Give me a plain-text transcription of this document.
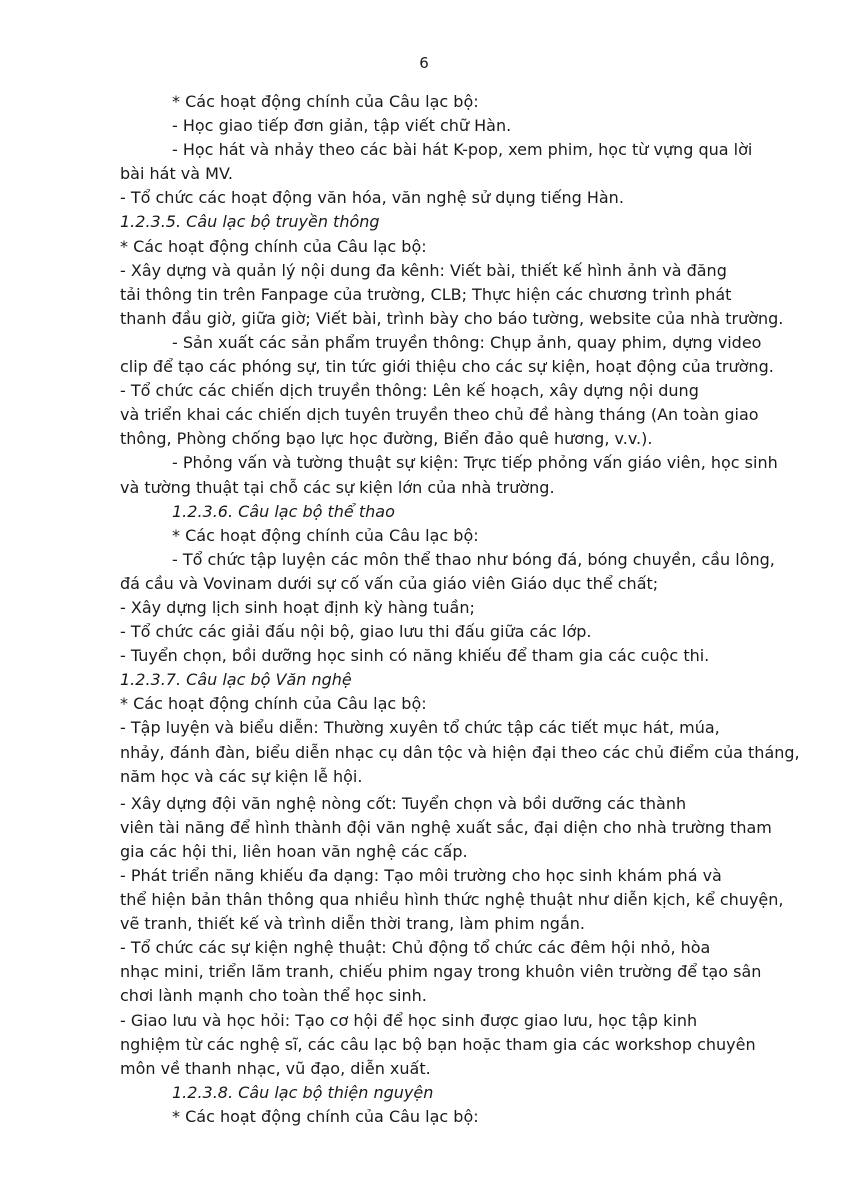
6

* Các hoạt động chính của Câu lạc bộ:

- Học giao tiếp đơn giản, tập viết chữ Hàn.

- Học hát và nhảy theo các bài hát K-pop, xem phim, học từ vựng qua lời

bài hát và MV.

- Tổ chức các hoạt động văn hóa, văn nghệ sử dụng tiếng Hàn.

1.2.3.5. Câu lạc bộ truyền thông

* Các hoạt động chính của Câu lạc bộ:

- Xây dựng và quản lý nội dung đa kênh: Viết bài, thiết kế hình ảnh và đăng

tải thông tin trên Fanpage của trường, CLB; Thực hiện các chương trình phát

thanh đầu giờ, giữa giờ; Viết bài, trình bày cho báo tường, website của nhà trường.

- Sản xuất các sản phẩm truyền thông: Chụp ảnh, quay phim, dựng video

clip để tạo các phóng sự, tin tức giới thiệu cho các sự kiện, hoạt động của trường.

- Tổ chức các chiến dịch truyền thông: Lên kế hoạch, xây dựng nội dung

và triển khai các chiến dịch tuyên truyền theo chủ đề hàng tháng (An toàn giao

thông, Phòng chống bạo lực học đường, Biển đảo quê hương, v.v.).

- Phỏng vấn và tường thuật sự kiện: Trực tiếp phỏng vấn giáo viên, học sinh

và tường thuật tại chỗ các sự kiện lớn của nhà trường.

1.2.3.6. Câu lạc bộ thể thao

* Các hoạt động chính của Câu lạc bộ:

- Tổ chức tập luyện các môn thể thao như bóng đá, bóng chuyền, cầu lông,

đá cầu và Vovinam dưới sự cố vấn của giáo viên Giáo dục thể chất;

- Xây dựng lịch sinh hoạt định kỳ hàng tuần;

- Tổ chức các giải đấu nội bộ, giao lưu thi đấu giữa các lớp.

- Tuyển chọn, bồi dưỡng học sinh có năng khiếu để tham gia các cuộc thi.

1.2.3.7. Câu lạc bộ Văn nghệ

* Các hoạt động chính của Câu lạc bộ:

- Tập luyện và biểu diễn: Thường xuyên tổ chức tập các tiết mục hát, múa,

nhảy, đánh đàn, biểu diễn nhạc cụ dân tộc và hiện đại theo các chủ điểm của tháng,

năm học và các sự kiện lễ hội.

- Xây dựng đội văn nghệ nòng cốt: Tuyển chọn và bồi dưỡng các thành

viên tài năng để hình thành đội văn nghệ xuất sắc, đại diện cho nhà trường tham

gia các hội thi, liên hoan văn nghệ các cấp.

- Phát triển năng khiếu đa dạng: Tạo môi trường cho học sinh khám phá và

thể hiện bản thân thông qua nhiều hình thức nghệ thuật như diễn kịch, kể chuyện,

vẽ tranh, thiết kế và trình diễn thời trang, làm phim ngắn.

- Tổ chức các sự kiện nghệ thuật: Chủ động tổ chức các đêm hội nhỏ, hòa

nhạc mini, triển lãm tranh, chiếu phim ngay trong khuôn viên trường để tạo sân

chơi lành mạnh cho toàn thể học sinh.

- Giao lưu và học hỏi: Tạo cơ hội để học sinh được giao lưu, học tập kinh

nghiệm từ các nghệ sĩ, các câu lạc bộ bạn hoặc tham gia các workshop chuyên

môn về thanh nhạc, vũ đạo, diễn xuất.

1.2.3.8. Câu lạc bộ thiện nguyện

* Các hoạt động chính của Câu lạc bộ:
